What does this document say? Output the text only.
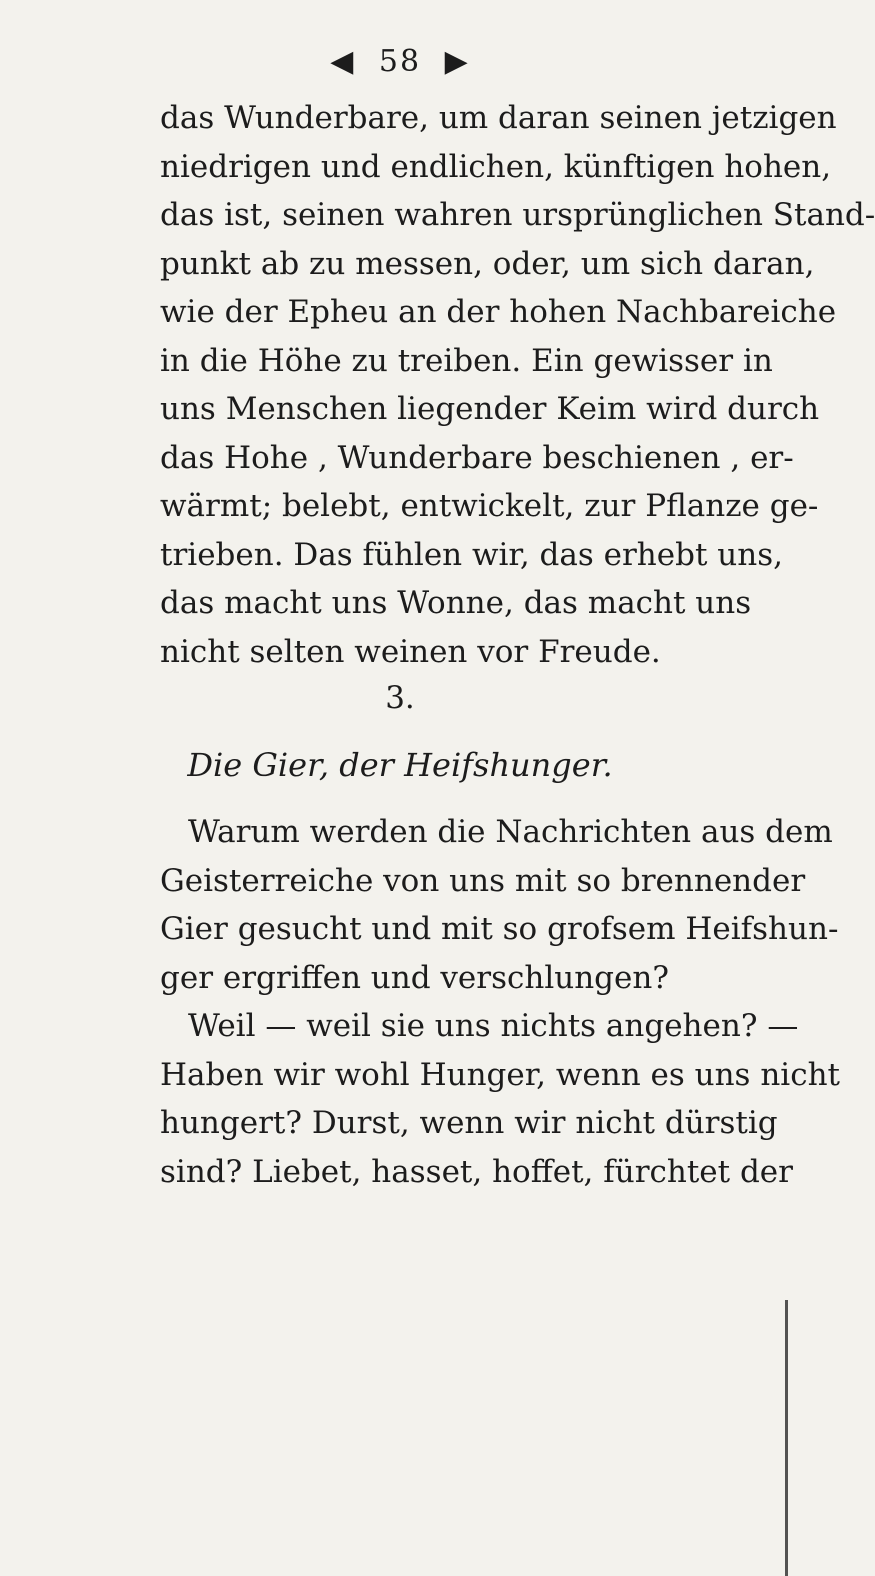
◀ 58 ▶
das Wunderbare, um daran seinen jetzigen
niedrigen und endlichen, künftigen hohen,
das ist, seinen wahren ursprünglichen Stand-
punkt ab zu messen, oder, um sich daran,
wie der Epheu an der hohen Nachbareiche
in die Höhe zu treiben. Ein gewisser in
uns Menschen liegender Keim wird durch
das Hohe , Wunderbare beschienen , er-
wärmt; belebt, entwickelt, zur Pflanze ge-
trieben. Das fühlen wir, das erhebt uns,
das macht uns Wonne, das macht uns
nicht selten weinen vor Freude.
3.
Die Gier, der Heifshunger.
Warum werden die Nachrichten aus dem
Geisterreiche von uns mit so brennender
Gier gesucht und mit so grofsem Heifshun-
ger ergriffen und verschlungen?
Weil — weil sie uns nichts angehen? —
Haben wir wohl Hunger, wenn es uns nicht
hungert? Durst, wenn wir nicht dürstig
sind? Liebet, hasset, hoffet, fürchtet der
